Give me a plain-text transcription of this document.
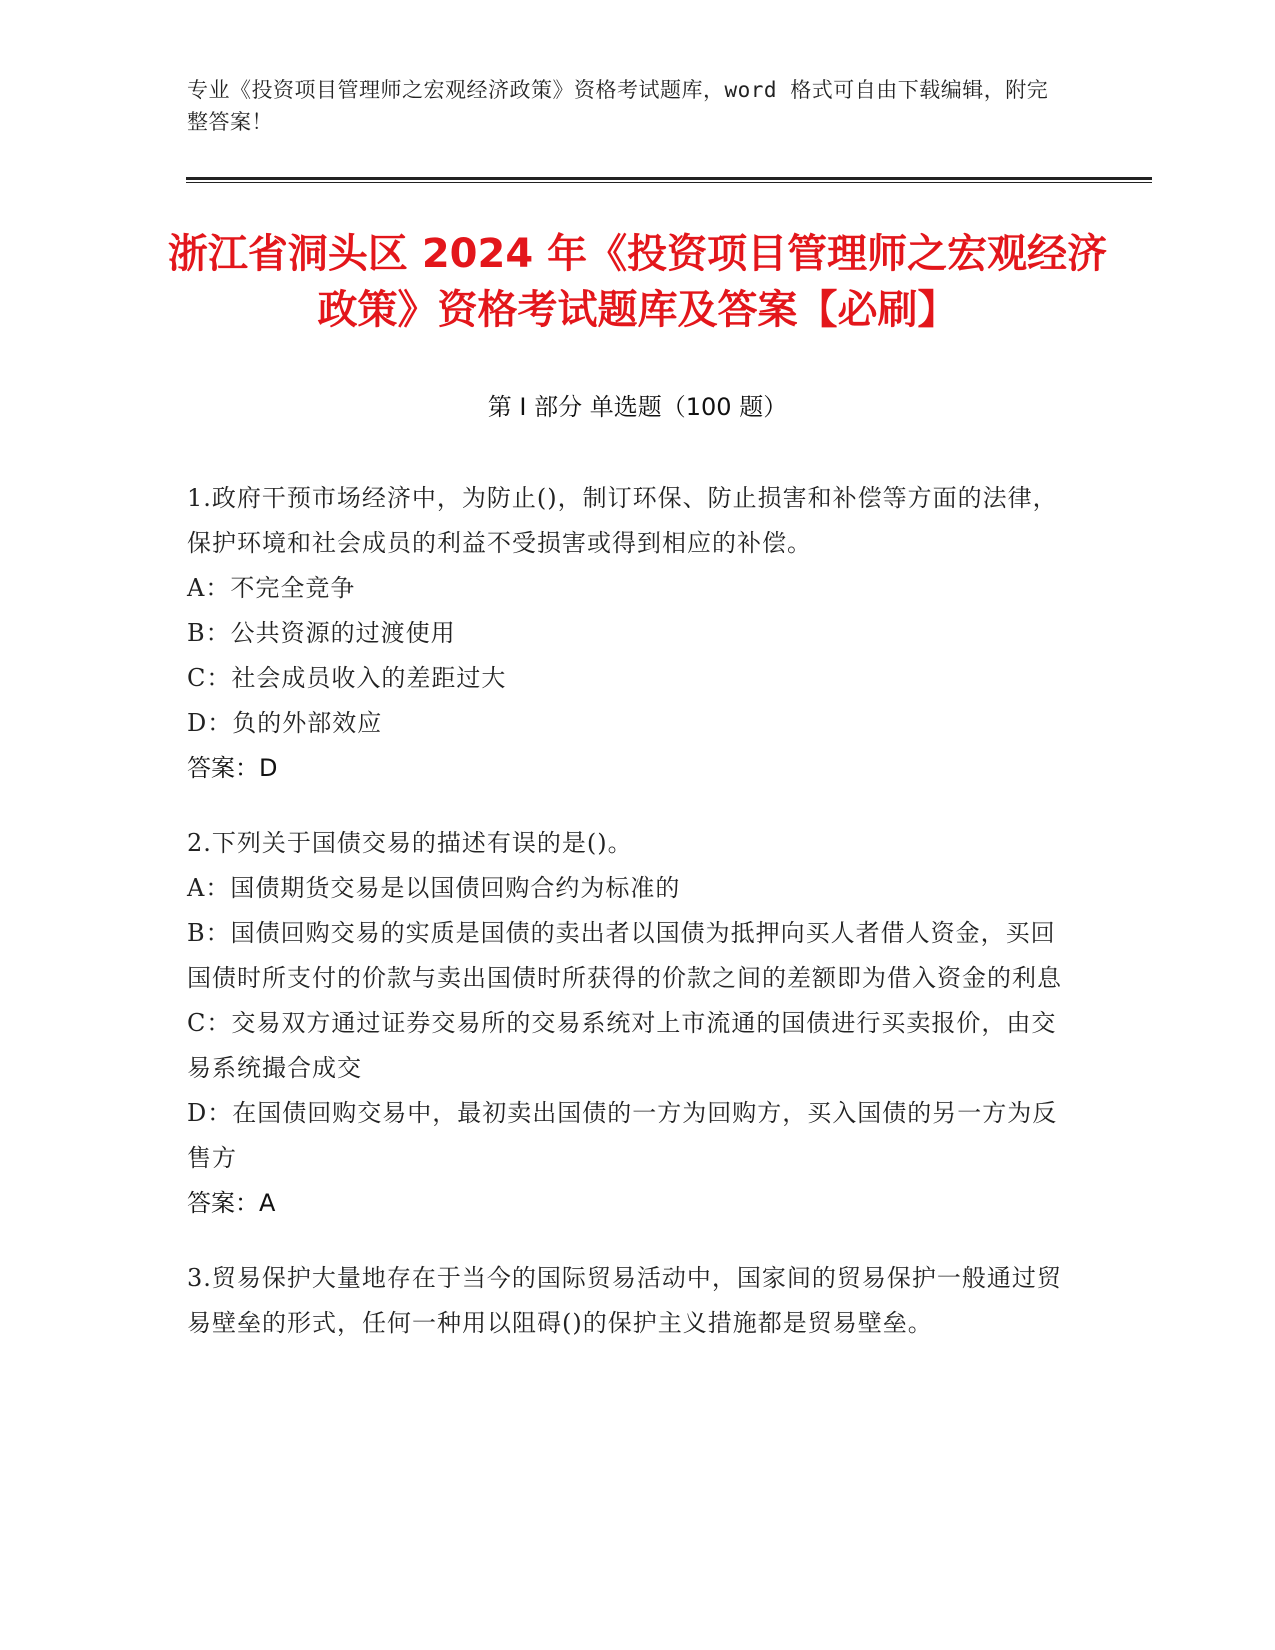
专业《投资项目管理师之宏观经济政策》资格考试题库，word 格式可自由下载编辑，附完整答案！
浙江省洞头区 2024 年《投资项目管理师之宏观经济政策》资格考试题库及答案【必刷】
第 I 部分 单选题（100 题）
1.政府干预市场经济中，为防止()，制订环保、防止损害和补偿等方面的法律，保护环境和社会成员的利益不受损害或得到相应的补偿。
A：不完全竞争
B：公共资源的过渡使用
C：社会成员收入的差距过大
D：负的外部效应
答案：D
2.下列关于国债交易的描述有误的是()。
A：国债期货交易是以国债回购合约为标准的
B：国债回购交易的实质是国债的卖出者以国债为抵押向买人者借人资金，买回国债时所支付的价款与卖出国债时所获得的价款之间的差额即为借入资金的利息
C：交易双方通过证券交易所的交易系统对上市流通的国债进行买卖报价，由交易系统撮合成交
D：在国债回购交易中，最初卖出国债的一方为回购方，买入国债的另一方为反售方
答案：A
3.贸易保护大量地存在于当今的国际贸易活动中，国家间的贸易保护一般通过贸易壁垒的形式，任何一种用以阻碍()的保护主义措施都是贸易壁垒。
